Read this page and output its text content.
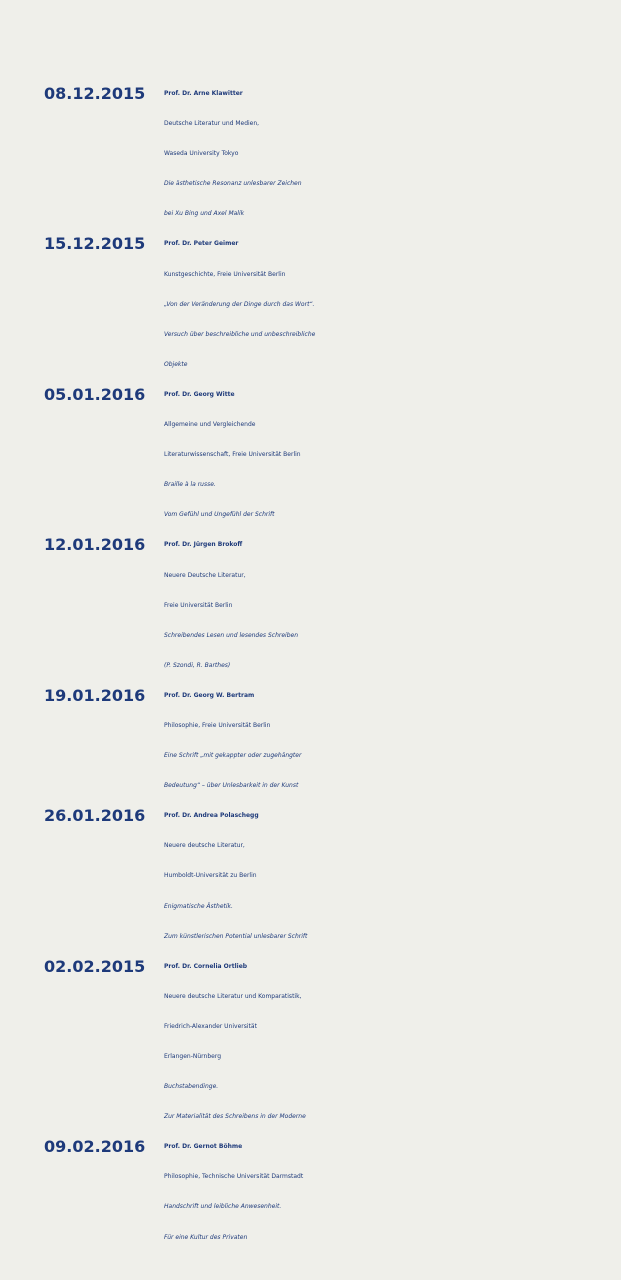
08.12.2015	Prof. Dr. Arne Klawitter
Deutsche Literatur und Medien,
Waseda University Tokyo
Die ästhetische Resonanz unlesbarer Zeichen
bei Xu Bing und Axel Malik
15.12.2015	Prof. Dr. Peter Geimer
Kunstgeschichte, Freie Universität Berlin
„Von der Veränderung der Dinge durch das Wort“.
Versuch über beschreibliche und unbeschreibliche
Objekte
05.01.2016	Prof. Dr. Georg Witte
Allgemeine und Vergleichende
Literaturwissenschaft, Freie Universität Berlin
Braille à la russe.
Vom Gefühl und Ungefühl der Schrift
12.01.2016	Prof. Dr. Jürgen Brokoff
Neuere Deutsche Literatur,
Freie Universität Berlin
Schreibendes Lesen und lesendes Schreiben
(P. Szondi, R. Barthes)
19.01.2016	Prof. Dr. Georg W. Bertram
Philosophie, Freie Universität Berlin
Eine Schrift „mit gekappter oder zugehängter
Bedeutung“ – über Unlesbarkeit in der Kunst
26.01.2016	Prof. Dr. Andrea Polaschegg
Neuere deutsche Literatur,
Humboldt-Universität zu Berlin
Enigmatische Ästhetik.
Zum künstlerischen Potential unlesbarer Schrift
02.02.2015	Prof. Dr. Cornelia Ortlieb
Neuere deutsche Literatur und Komparatistik,
Friedrich-Alexander Universität
Erlangen-Nürnberg
Buchstabendinge.
Zur Materialität des Schreibens in der Moderne
09.02.2016	Prof. Dr. Gernot Böhme
Philosophie, Technische Universität Darmstadt
Handschrift und leibliche Anwesenheit.
Für eine Kultur des Privaten
